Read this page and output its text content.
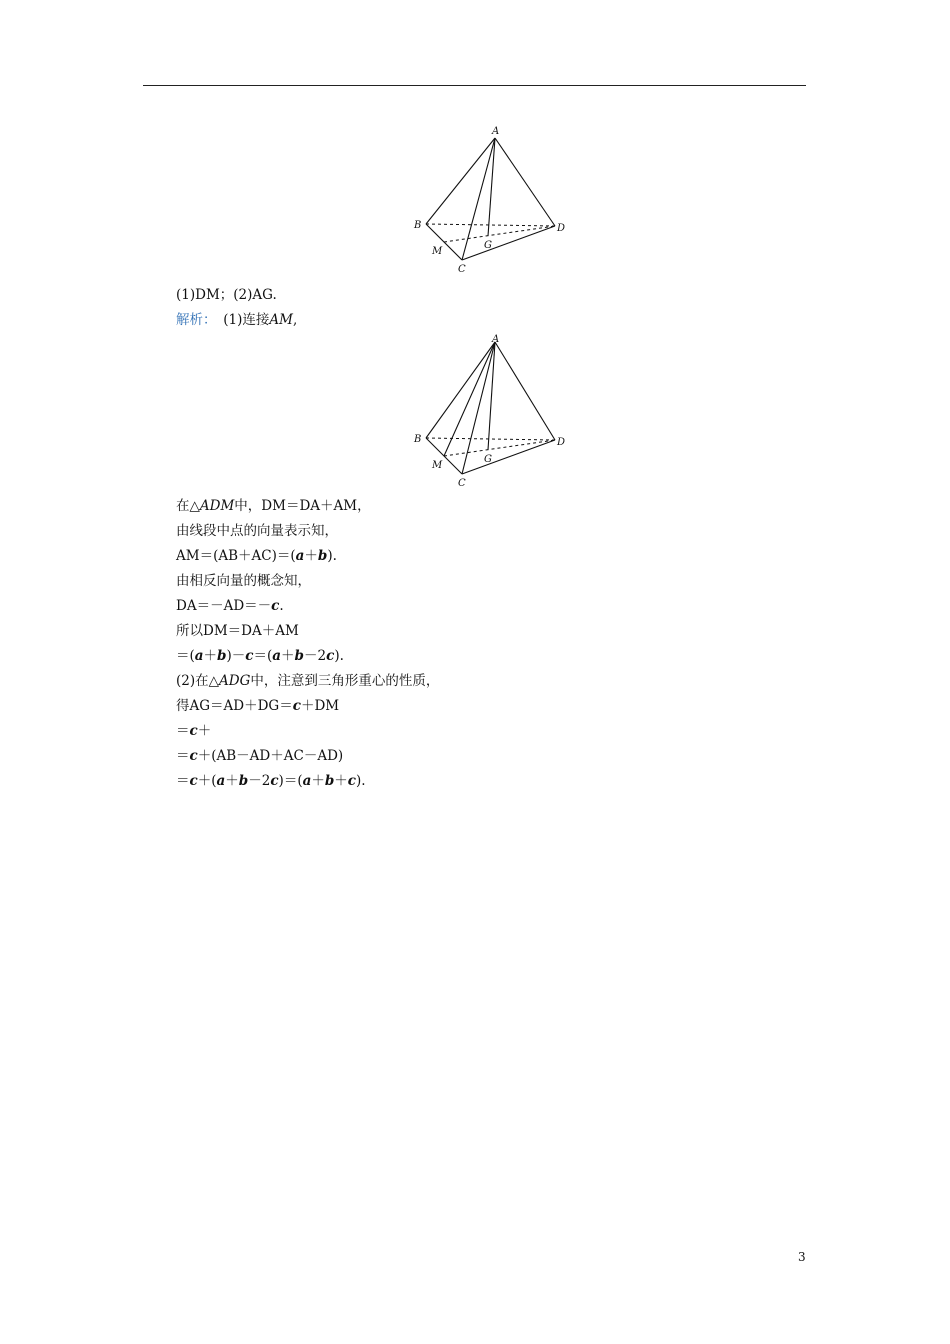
A
B	D
G
M
C
(1)DM；(2)AG.
解析：　(1)连接AM,
A
B	D
G
M
C
在△ADM中，DM＝DA＋AM，
由线段中点的向量表示知，
AM＝(AB＋AC)＝(a＋b).
由相反向量的概念知，
DA＝－AD＝－c.
所以DM＝DA＋AM
＝(a＋b)－c＝(a＋b－2c).
(2)在△ADG中，注意到三角形重心的性质，
得AG＝AD＋DG＝c＋DM
＝c＋
＝c＋(AB－AD＋AC－AD)
＝c＋(a＋b－2c)＝(a＋b＋c).
3
